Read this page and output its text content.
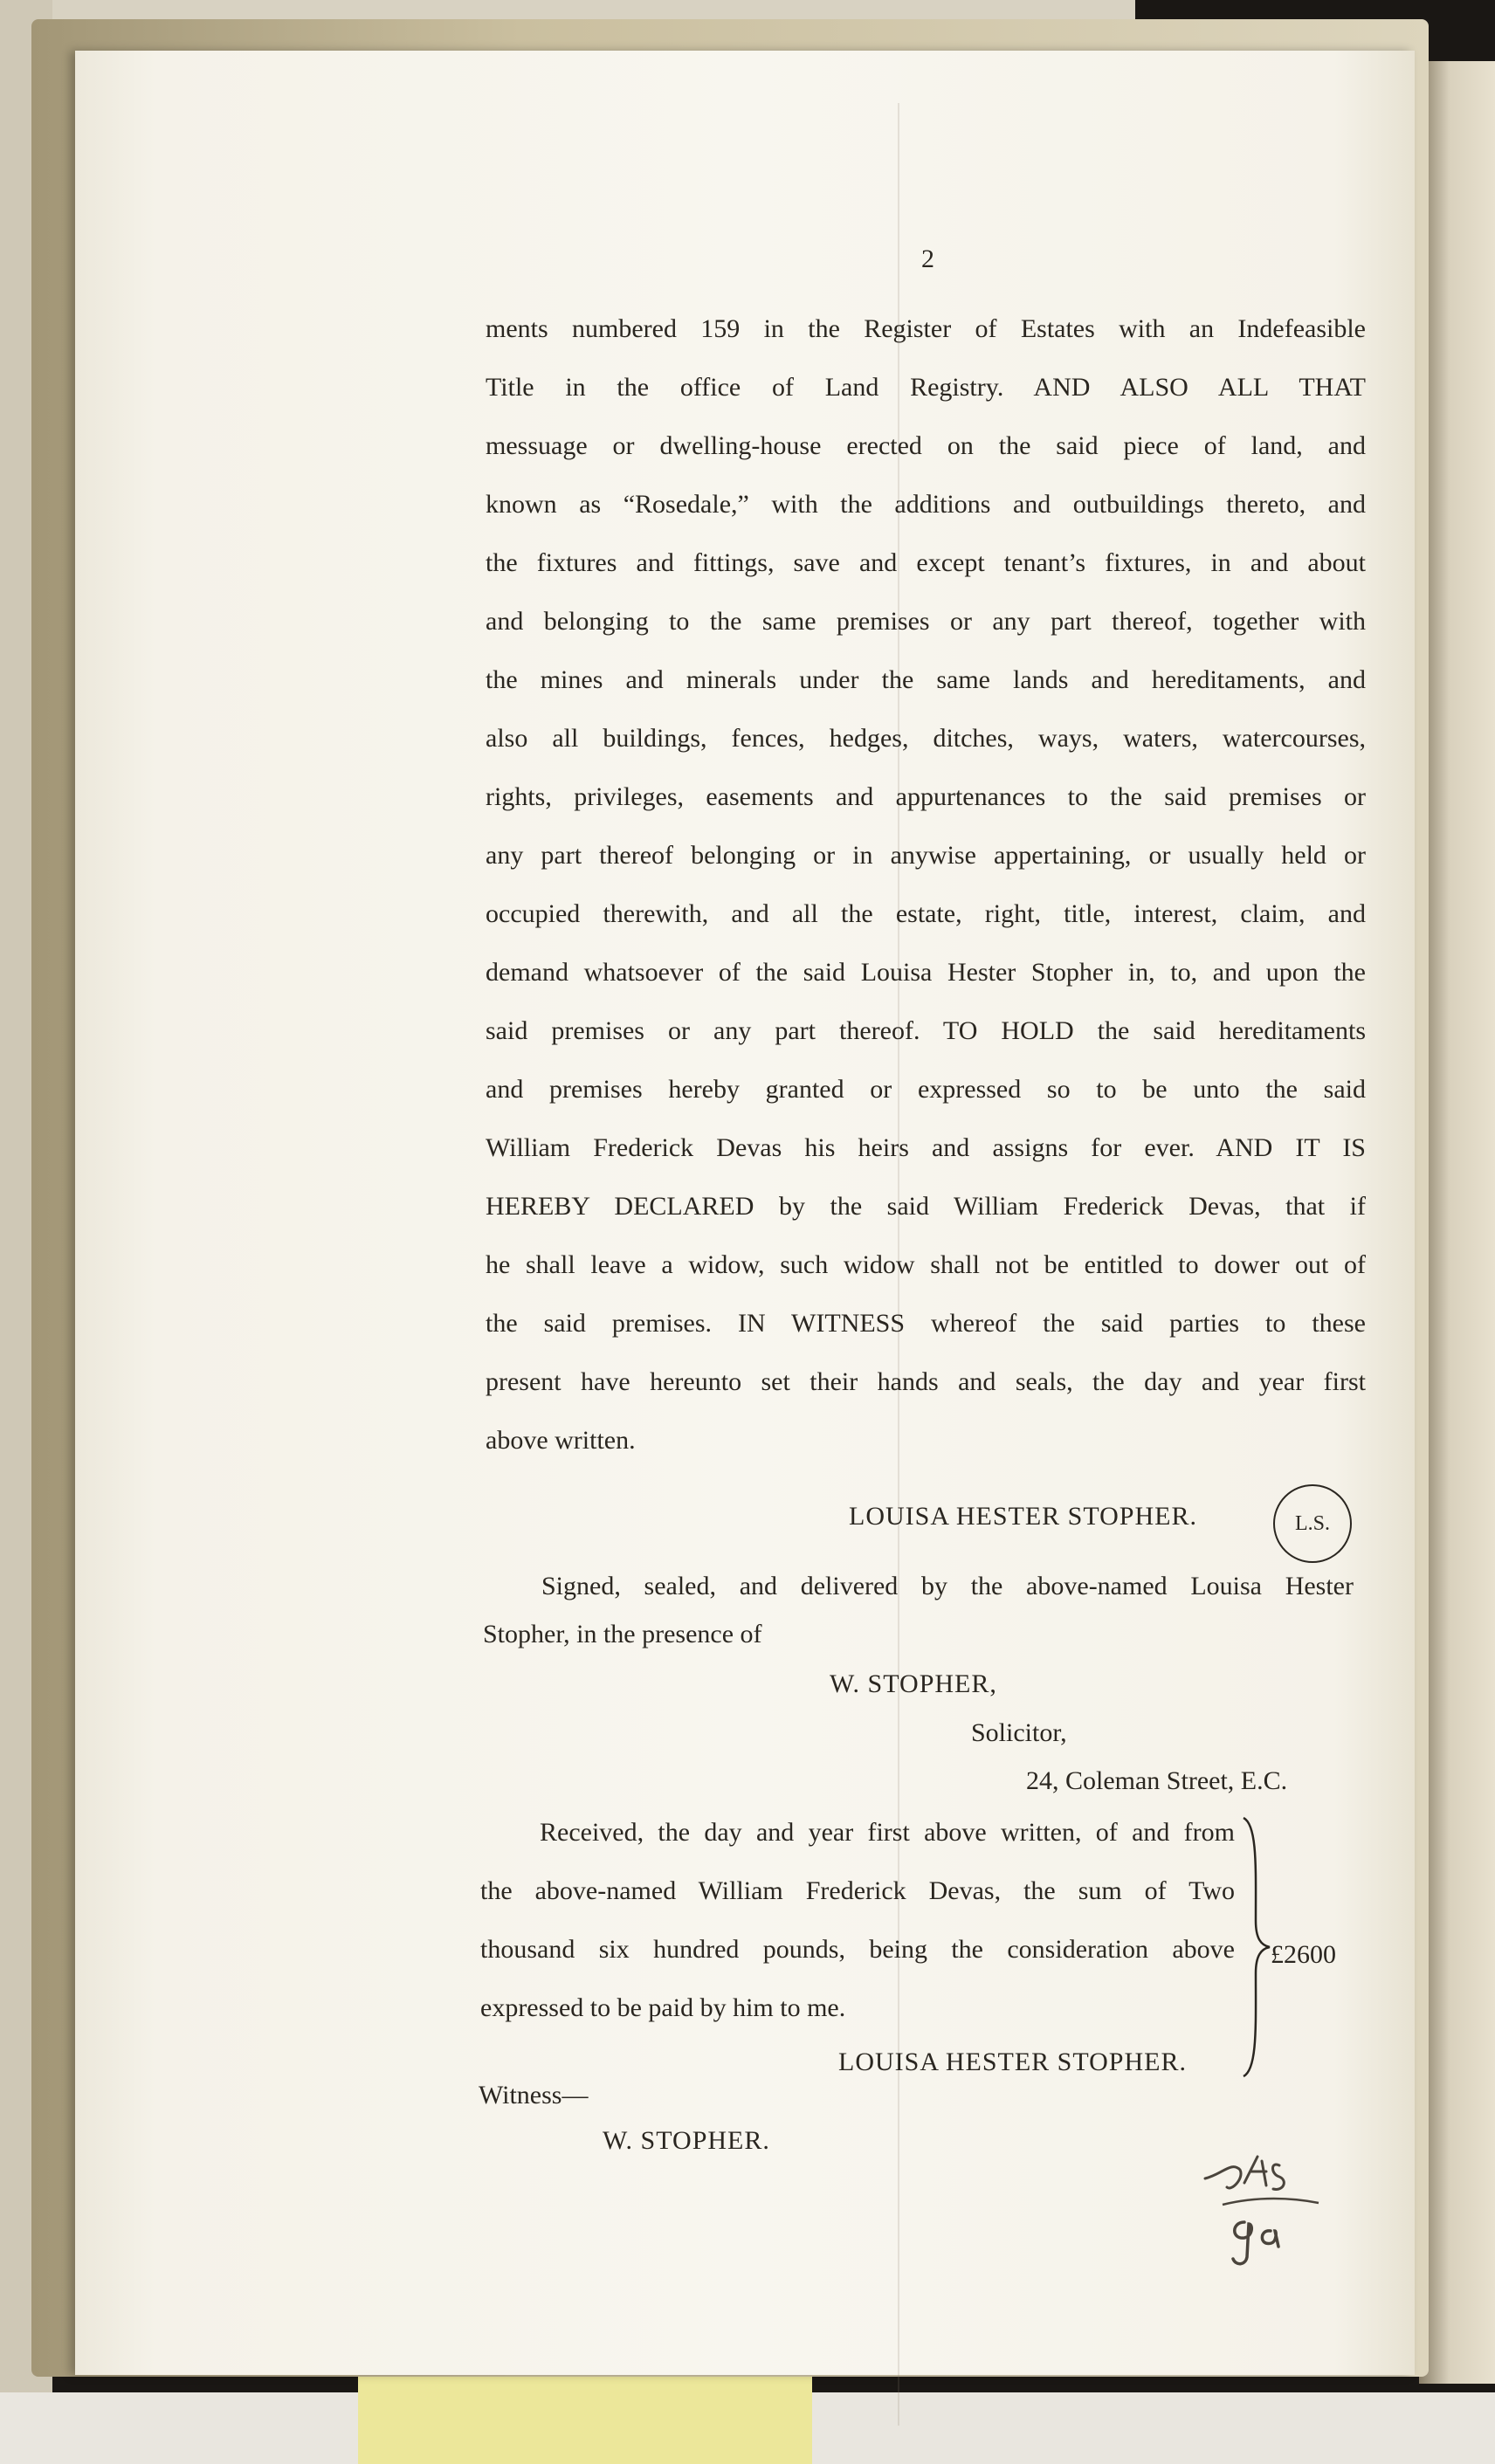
2
ments numbered 159 in the Register of Estates with an Indefeasible
Title in the office of Land Registry. AND ALSO ALL THAT
messuage or dwelling-house erected on the said piece of land, and
known as “Rosedale,” with the additions and outbuildings thereto, and
the fixtures and fittings, save and except tenant’s fixtures, in and about
and belonging to the same premises or any part thereof, together with
the mines and minerals under the same lands and hereditaments, and
also all buildings, fences, hedges, ditches, ways, waters, watercourses,
rights, privileges, easements and appurtenances to the said premises or
any part thereof belonging or in anywise appertaining, or usually held or
occupied therewith, and all the estate, right, title, interest, claim, and
demand whatsoever of the said Louisa Hester Stopher in, to, and upon the
said premises or any part thereof. TO HOLD the said hereditaments
and premises hereby granted or expressed so to be unto the said
William Frederick Devas his heirs and assigns for ever. AND IT IS
HEREBY DECLARED by the said William Frederick Devas, that if
he shall leave a widow, such widow shall not be entitled to dower out of
the said premises. IN WITNESS whereof the said parties to these
present have hereunto set their hands and seals, the day and year first
above written.
LOUISA HESTER STOPHER.	L.S.
Signed, sealed, and delivered by the above-named Louisa Hester
Stopher, in the presence of
W. STOPHER,
Solicitor,
24, Coleman Street, E.C.
Received, the day and year first above written, of and from
the above-named William Frederick Devas, the sum of Two
thousand six hundred pounds, being the consideration above
expressed to be paid by him to me.
£2600
LOUISA HESTER STOPHER.
Witness—
W. STOPHER.
